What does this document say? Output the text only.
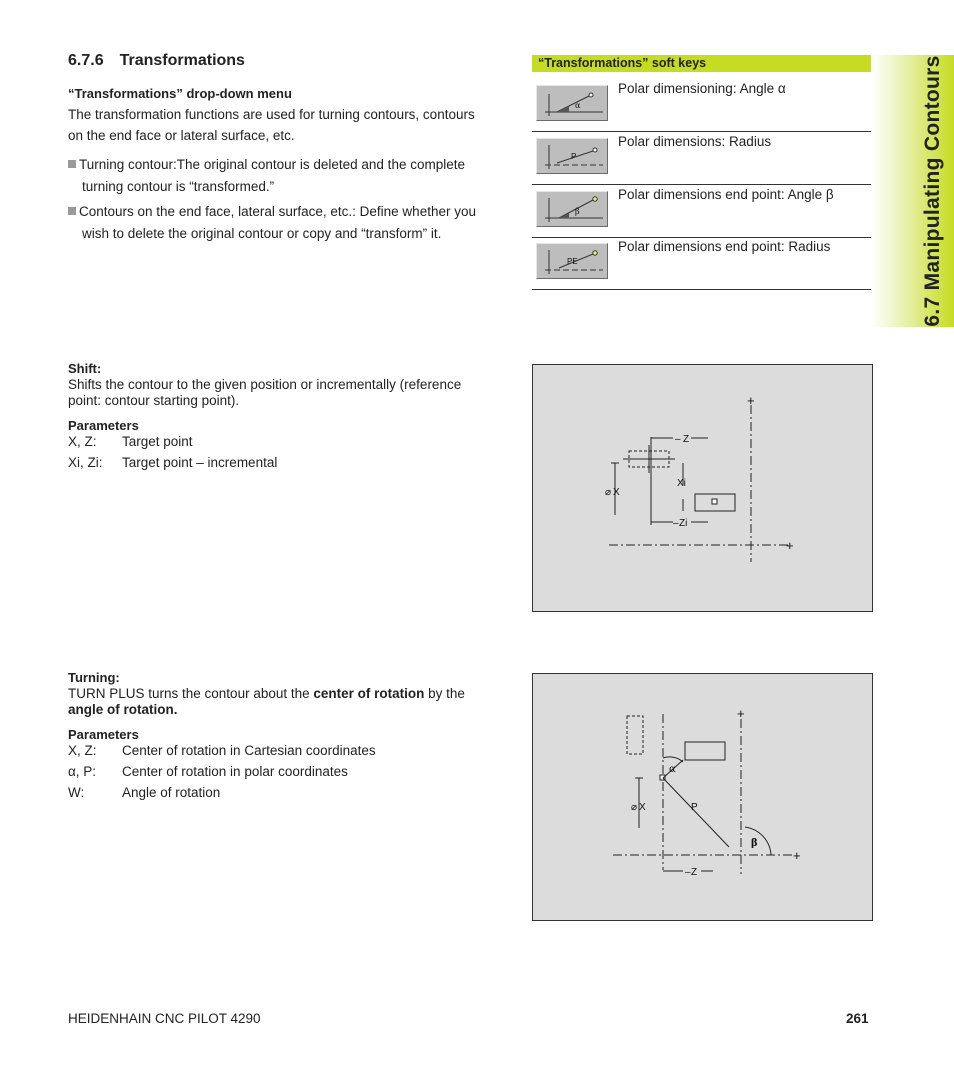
6.7.6 Transformations
“Transformations” drop-down menu
The transformation functions are used for turning contours, contours
on the end face or lateral surface, etc.
Turning contour:The original contour is deleted and the complete
turning contour is “transformed.”
Contours on the end face, lateral surface, etc.: Define whether you
wish to delete the original contour or copy and “transform” it.
“Transformations” soft keys
α
Polar dimensioning: Angle α
P
Polar dimensions: Radius
β
Polar dimensions end point: Angle β
PE
Polar dimensions end point: Radius	6.7 Manipulating Contours
Shift:
Shifts the contour to the given position or incrementally (reference
point: contour starting point).
Parameters
X, Z: Target point
Xi, Zi: Target point – incremental
+
+
– Z
– Zi
⌀ X
Xi
Turning:
TURN PLUS turns the contour about the center of rotation by the
angle of rotation.
Parameters
X, Z: Center of rotation in Cartesian coordinates
α, P: Center of rotation in polar coordinates
W:	Angle of rotation
+
+
α
β
P
⌀ X
– Z
HEIDENHAIN CNC PILOT 4290	261
